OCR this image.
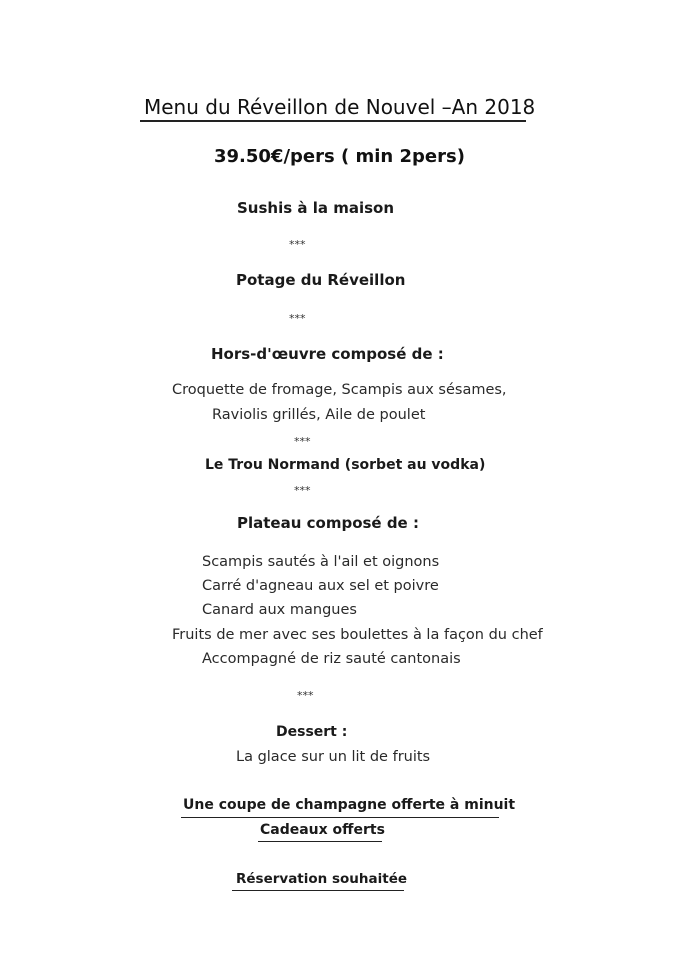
Menu du Réveillon de Nouvel –An 2018
39.50€/pers ( min 2pers)
Sushis à la maison
***
Potage du Réveillon
***
Hors-d'œuvre composé de :
Croquette de fromage, Scampis aux sésames,
Raviolis grillés, Aile de poulet
***
Le Trou Normand (sorbet au vodka)
***
Plateau composé de :
Scampis sautés à l'ail et oignons
Carré d'agneau aux sel et poivre
Canard aux mangues
Fruits de mer avec ses boulettes à la façon du chef
Accompagné de riz sauté cantonais
***
Dessert :
La glace sur un lit de fruits
Une coupe de champagne offerte à minuit
Cadeaux offerts
Réservation souhaitée
